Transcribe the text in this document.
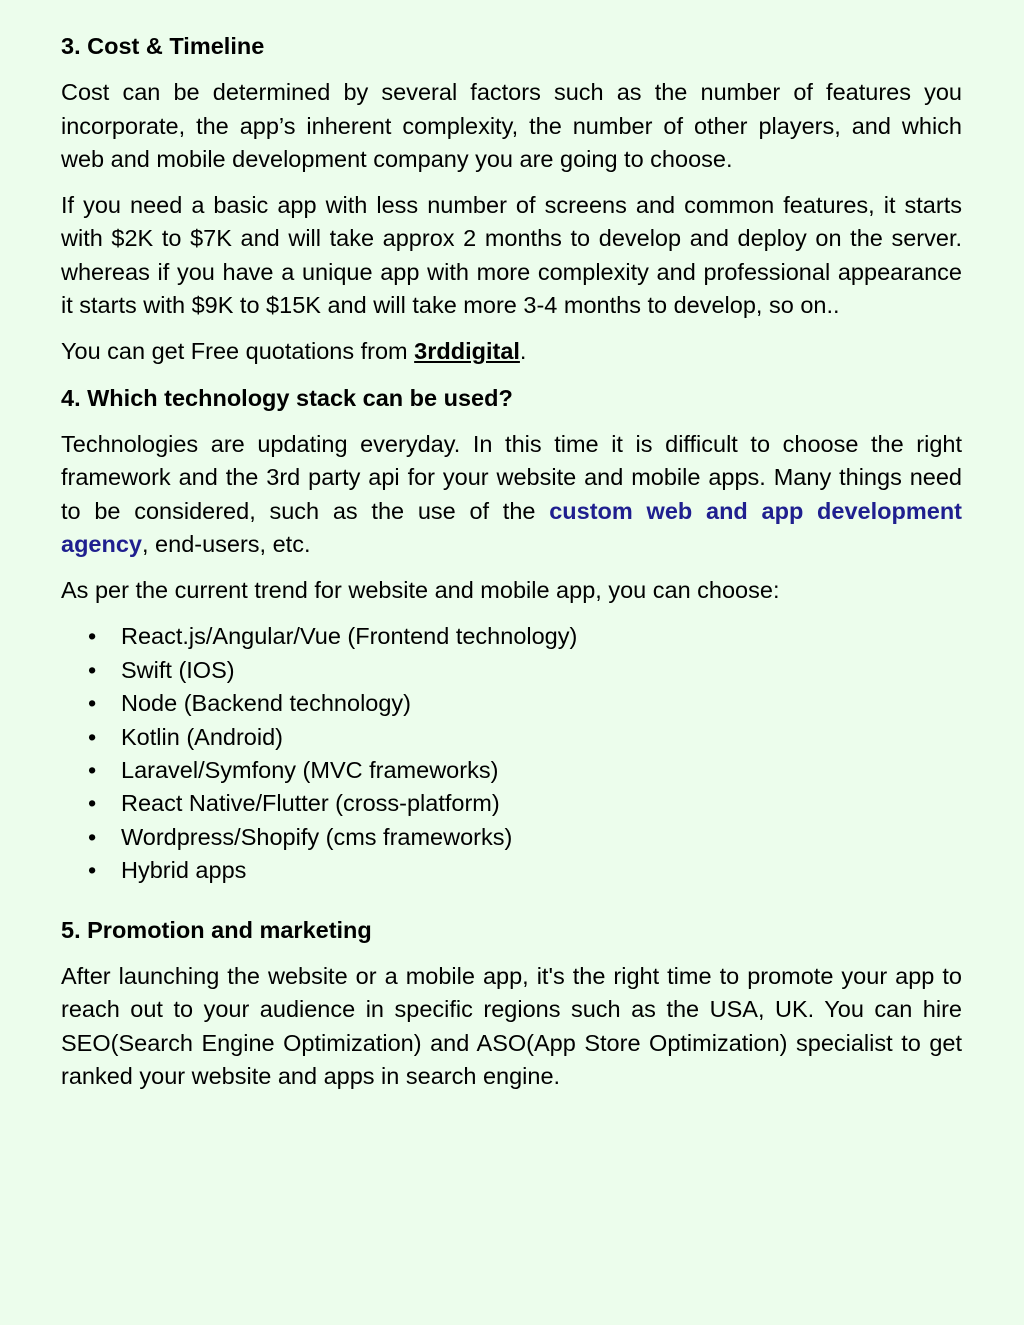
3. Cost & Timeline

Cost can be determined by several factors such as the number of features you incorporate, the app’s inherent complexity, the number of other players, and which web and mobile development company you are going to choose.

If you need a basic app with less number of screens and common features, it starts with $2K to $7K and will take approx 2 months to develop and deploy on the server. whereas if you have a unique app with more complexity and professional appearance it starts with $9K to $15K and will take more 3-4 months to develop, so on..

You can get Free quotations from 3rddigital.

4. Which technology stack can be used?

Technologies are updating everyday. In this time it is difficult to choose the right framework and the 3rd party api for your website and mobile apps. Many things need to be considered, such as the use of the custom web and app development agency, end-users, etc.

As per the current trend for website and mobile app, you can choose:

• React.js/Angular/Vue (Frontend technology)
• Swift (IOS)
• Node (Backend technology)
• Kotlin (Android)
• Laravel/Symfony (MVC frameworks)
• React Native/Flutter (cross-platform)
• Wordpress/Shopify (cms frameworks)
• Hybrid apps
5. Promotion and marketing

After launching the website or a mobile app, it's the right time to promote your app to reach out to your audience in specific regions such as the USA, UK. You can hire SEO(Search Engine Optimization) and ASO(App Store Optimization) specialist to get ranked your website and apps in search engine.
